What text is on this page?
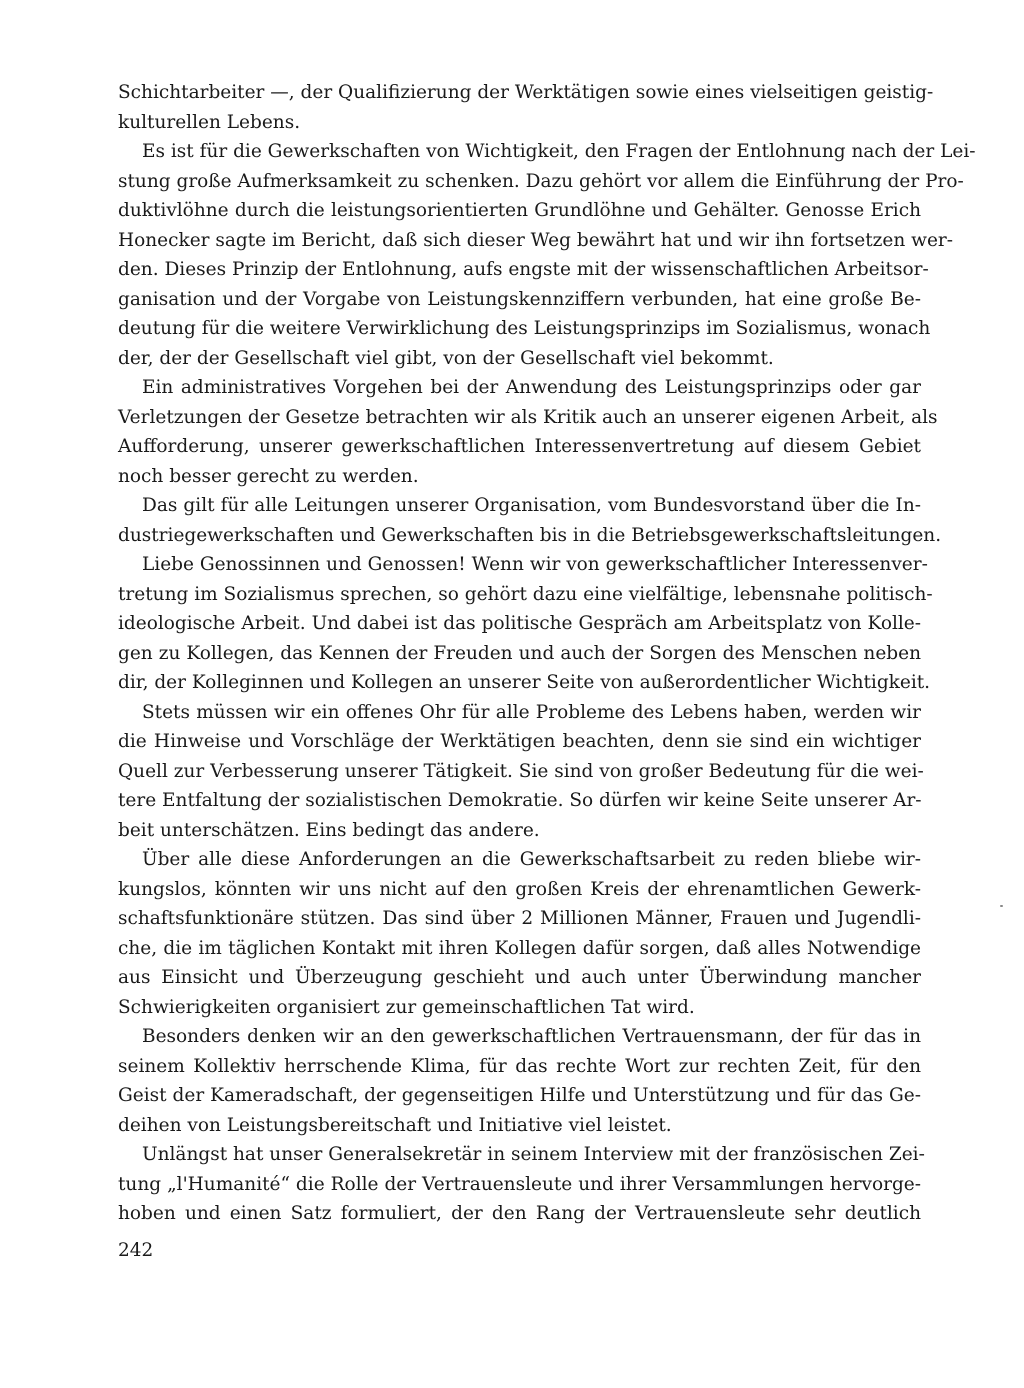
Schichtarbeiter —, der Qualifizierung der Werktätigen sowie eines vielseitigen geistig-
kulturellen Lebens.
Es ist für die Gewerkschaften von Wichtigkeit, den Fragen der Entlohnung nach der Lei-
stung große Aufmerksamkeit zu schenken. Dazu gehört vor allem die Einführung der Pro-
duktivlöhne durch die leistungsorientierten Grundlöhne und Gehälter. Genosse Erich
Honecker sagte im Bericht, daß sich dieser Weg bewährt hat und wir ihn fortsetzen wer-
den. Dieses Prinzip der Entlohnung, aufs engste mit der wissenschaftlichen Arbeitsor-
ganisation und der Vorgabe von Leistungskennziffern verbunden, hat eine große Be-
deutung für die weitere Verwirklichung des Leistungsprinzips im Sozialismus, wonach
der, der der Gesellschaft viel gibt, von der Gesellschaft viel bekommt.
Ein administratives Vorgehen bei der Anwendung des Leistungsprinzips oder gar
Verletzungen der Gesetze betrachten wir als Kritik auch an unserer eigenen Arbeit, als
Aufforderung, unserer gewerkschaftlichen Interessenvertretung auf diesem Gebiet
noch besser gerecht zu werden.
Das gilt für alle Leitungen unserer Organisation, vom Bundesvorstand über die In-
dustriegewerkschaften und Gewerkschaften bis in die Betriebsgewerkschaftsleitungen.
Liebe Genossinnen und Genossen! Wenn wir von gewerkschaftlicher Interessenver-
tretung im Sozialismus sprechen, so gehört dazu eine vielfältige, lebensnahe politisch-
ideologische Arbeit. Und dabei ist das politische Gespräch am Arbeitsplatz von Kolle-
gen zu Kollegen, das Kennen der Freuden und auch der Sorgen des Menschen neben
dir, der Kolleginnen und Kollegen an unserer Seite von außerordentlicher Wichtigkeit.
Stets müssen wir ein offenes Ohr für alle Probleme des Lebens haben, werden wir
die Hinweise und Vorschläge der Werktätigen beachten, denn sie sind ein wichtiger
Quell zur Verbesserung unserer Tätigkeit. Sie sind von großer Bedeutung für die wei-
tere Entfaltung der sozialistischen Demokratie. So dürfen wir keine Seite unserer Ar-
beit unterschätzen. Eins bedingt das andere.
Über alle diese Anforderungen an die Gewerkschaftsarbeit zu reden bliebe wir-
kungslos, könnten wir uns nicht auf den großen Kreis der ehrenamtlichen Gewerk-
schaftsfunktionäre stützen. Das sind über 2 Millionen Männer, Frauen und Jugendli-
che, die im täglichen Kontakt mit ihren Kollegen dafür sorgen, daß alles Notwendige
aus Einsicht und Überzeugung geschieht und auch unter Überwindung mancher
Schwierigkeiten organisiert zur gemeinschaftlichen Tat wird.
Besonders denken wir an den gewerkschaftlichen Vertrauensmann, der für das in
seinem Kollektiv herrschende Klima, für das rechte Wort zur rechten Zeit, für den
Geist der Kameradschaft, der gegenseitigen Hilfe und Unterstützung und für das Ge-
deihen von Leistungsbereitschaft und Initiative viel leistet.
Unlängst hat unser Generalsekretär in seinem Interview mit der französischen Zei-
tung „l'Humanité“ die Rolle der Vertrauensleute und ihrer Versammlungen hervorge-
hoben und einen Satz formuliert, der den Rang der Vertrauensleute sehr deutlich
242
